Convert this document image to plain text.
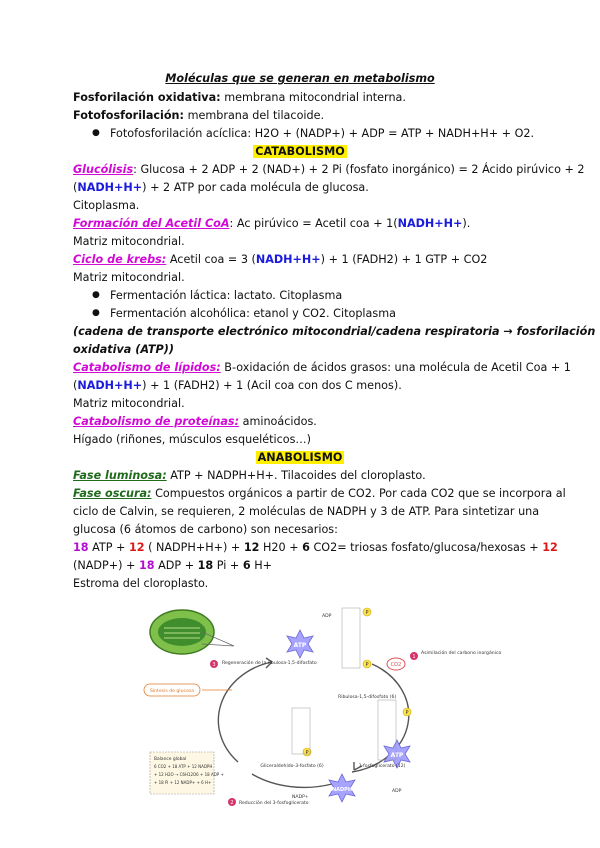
Moléculas que se generan en metabolismo
Fosforilación oxidativa: membrana mitocondrial interna.
Fotofosforilación: membrana del tilacoide.
● Fotofosforilación acíclica: H2O + (NADP+) + ADP = ATP + NADH+H+ + O2.
CATABOLISMO
Glucólisis: Glucosa + 2 ADP + 2 (NAD+) + 2 Pi (fosfato inorgánico) = 2 Ácido pirúvico + 2
(NADH+H+) + 2 ATP por cada molécula de glucosa.
Citoplasma.
Formación del Acetil CoA: Ac pirúvico = Acetil coa + 1(NADH+H+).
Matriz mitocondrial.
Ciclo de krebs: Acetil coa = 3 (NADH+H+) + 1 (FADH2) + 1 GTP + CO2
Matriz mitocondrial.
● Fermentación láctica: lactato. Citoplasma
● Fermentación alcohólica: etanol y CO2. Citoplasma
(cadena de transporte electrónico mitocondrial/cadena respiratoria → fosforilación
oxidativa (ATP))
Catabolismo de lípidos: B-oxidación de ácidos grasos: una molécula de Acetil Coa + 1
(NADH+H+) + 1 (FADH2) + 1 (Acil coa con dos C menos).
Matriz mitocondrial.
Catabolismo de proteínas: aminoácidos.
Hígado (riñones, músculos esqueléticos…)
ANABOLISMO
Fase luminosa: ATP + NADPH+H+. Tilacoides del cloroplasto.
Fase oscura: Compuestos orgánicos a partir de CO2. Por cada CO2 que se incorpora al
ciclo de Calvin, se requieren, 2 moléculas de NADPH y 3 de ATP. Para sintetizar una
glucosa (6 átomos de carbono) son necesarios:
18 ATP + 12 ( NADPH+H+) + 12 H20 + 6 CO2= triosas fosfato/glucosa/hexosas + 12
(NADP+) + 18 ADP + 18 Pi + 6 H+
Estroma del cloroplasto.
ATP
ATP
NADPH
CO2
P
P
P
P
1
Asimilación del carbono inorgánico
2 Reducción del 3-fosfoglicerato
3 Regeneración de la ribulosa-1,5-difosfato
Síntesis de glucosa
Ribulosa-1,5-difosfato (6)
Gliceraldehído-3-fosfato (6)	3-fosfoglicerato (12)
ADP
ADP
NADP+
Balance global
6 CO2 + 18 ATP + 12 NADPH
+ 12 H2O → C6H12O6 + 18 ADP +
+ 18 Pi + 12 NADP+ + 6 H+
